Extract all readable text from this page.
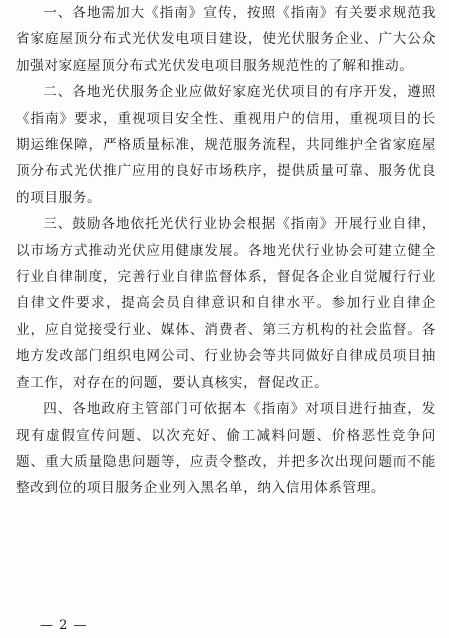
一、各地需加大《指南》宣传，按照《指南》有关要求规范我省家庭屋顶分布式光伏发电项目建设，使光伏服务企业、广大公众加强对家庭屋顶分布式光伏发电项目服务规范性的了解和推动。

二、各地光伏服务企业应做好家庭光伏项目的有序开发，遵照《指南》要求，重视项目安全性、重视用户的信用，重视项目的长期运维保障，严格质量标准，规范服务流程，共同维护全省家庭屋顶分布式光伏推广应用的良好市场秩序，提供质量可靠、服务优良的项目服务。

三、鼓励各地依托光伏行业协会根据《指南》开展行业自律，以市场方式推动光伏应用健康发展。各地光伏行业协会可建立健全行业自律制度，完善行业自律监督体系，督促各企业自觉履行行业自律文件要求，提高会员自律意识和自律水平。参加行业自律企业，应自觉接受行业、媒体、消费者、第三方机构的社会监督。各地方发改部门组织电网公司、行业协会等共同做好自律成员项目抽查工作，对存在的问题，要认真核实，督促改正。

四、各地政府主管部门可依据本《指南》对项目进行抽查，发现有虚假宣传问题、以次充好、偷工减料问题、价格恶性竞争问题、重大质量隐患问题等，应责令整改，并把多次出现问题而不能整改到位的项目服务企业列入黑名单，纳入信用体系管理。

— 2 —
